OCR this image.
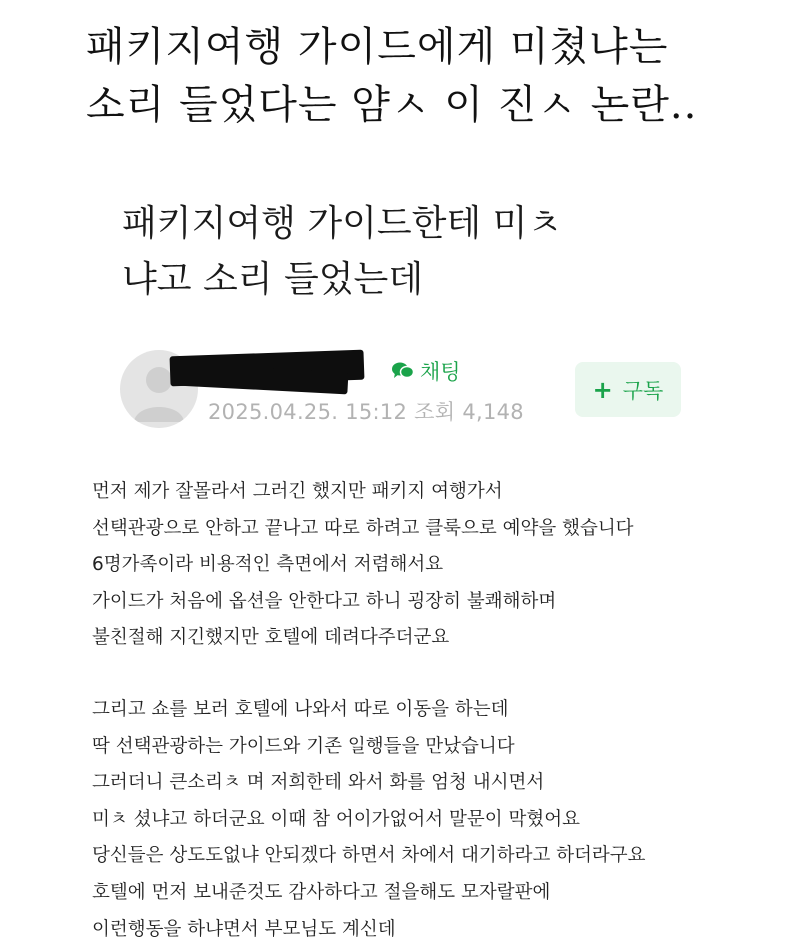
패키지여행 가이드에게 미쳤냐는
소리 들었다는 얌ㅅ 이 진ㅅ 논란..
패키지여행 가이드한테 미ㅊ
냐고 소리 들었는데
채팅
2025.04.25. 15:12 조회 4,148
+ 구독
먼저 제가 잘몰라서 그러긴 했지만 패키지 여행가서
선택관광으로 안하고 끝나고 따로 하려고 클룩으로 예약을 했습니다
6명가족이라 비용적인 측면에서 저렴해서요
가이드가 처음에 옵션을 안한다고 하니 굉장히 불쾌해하며
불친절해 지긴했지만 호텔에 데려다주더군요
그리고 쇼를 보러 호텔에 나와서 따로 이동을 하는데
딱 선택관광하는 가이드와 기존 일행들을 만났습니다
그러더니 큰소리ㅊ 며 저희한테 와서 화를 엄청 내시면서
미ㅊ 셨냐고 하더군요 이때 참 어이가없어서 말문이 막혔어요
당신들은 상도도없냐 안되겠다 하면서 차에서 대기하라고 하더라구요
호텔에 먼저 보내준것도 감사하다고 절을해도 모자랄판에
이런행동을 하냐면서 부모님도 계신데
